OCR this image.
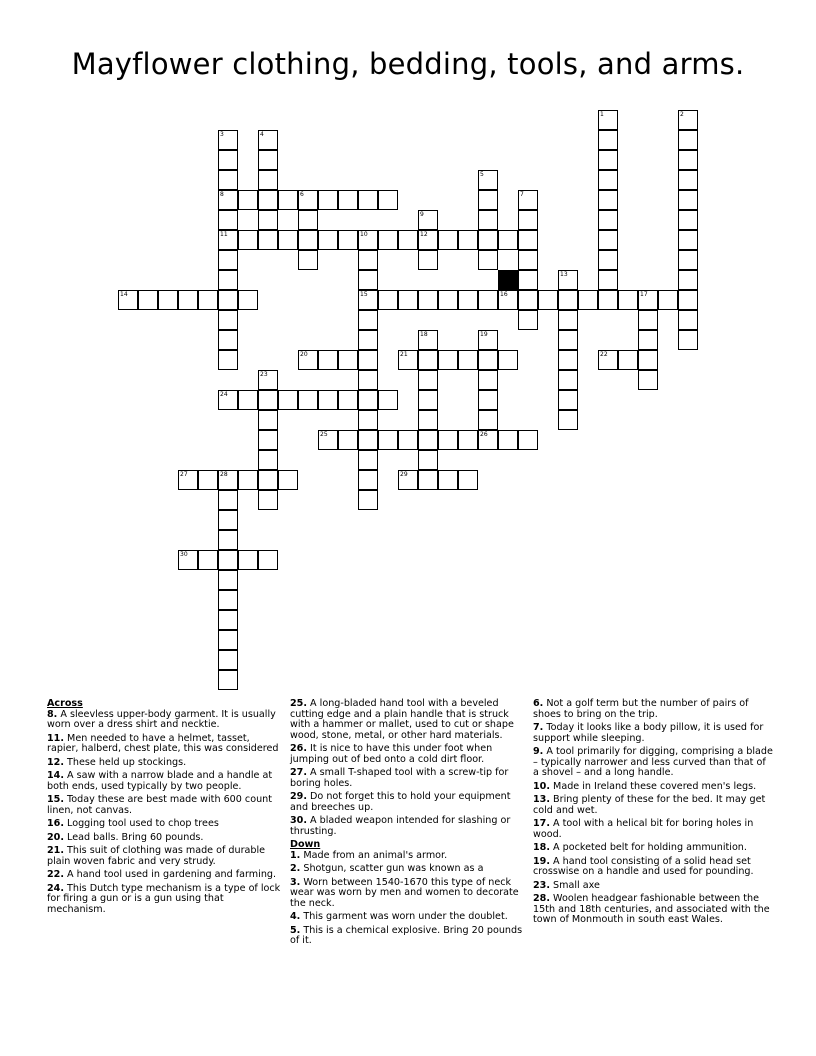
Mayflower clothing, bedding, tools, and arms.
8	6
11	10	12
14	15	16	17
20	21	22
24
25	26
27	28	29
30
1	2
3	4
5
7
9
13
18	19
23

Across

8. A sleevless upper-body garment. It is usually worn over a dress shirt and necktie.

11. Men needed to have a helmet, tasset, rapier, halberd, chest plate, this was considered

12. These held up stockings.

14. A saw with a narrow blade and a handle at both ends, used typically by two people.

15. Today these are best made with 600 count linen, not canvas.

16. Logging tool used to chop trees

20. Lead balls. Bring 60 pounds.

21. This suit of clothing was made of durable plain woven fabric and very strudy.

22. A hand tool used in gardening and farming.

24. This Dutch type mechanism is a type of lock for firing a gun or is a gun using that mechanism.

25. A long-bladed hand tool with a beveled cutting edge and a plain handle that is struck with a hammer or mallet, used to cut or shape wood, stone, metal, or other hard materials.

26. It is nice to have this under foot when jumping out of bed onto a cold dirt floor.

27. A small T-shaped tool with a screw-tip for boring holes.

29. Do not forget this to hold your equipment and breeches up.

30. A bladed weapon intended for slashing or thrusting.

Down

1. Made from an animal's armor.

2. Shotgun, scatter gun was known as a

3. Worn between 1540-1670 this type of neck wear was worn by men and women to decorate the neck.

4. This garment was worn under the doublet.

5. This is a chemical explosive. Bring 20 pounds of it.

6. Not a golf term but the number of pairs of shoes to bring on the trip.

7. Today it looks like a body pillow, it is used for support while sleeping.

9. A tool primarily for digging, comprising a blade – typically narrower and less curved than that of a shovel – and a long handle.

10. Made in Ireland these covered men's legs.

13. Bring plenty of these for the bed. It may get cold and wet.

17. A tool with a helical bit for boring holes in wood.

18. A pocketed belt for holding ammunition.

19. A hand tool consisting of a solid head set crosswise on a handle and used for pounding.

23. Small axe

28. Woolen headgear fashionable between the 15th and 18th centuries, and associated with the town of Monmouth in south east Wales.
